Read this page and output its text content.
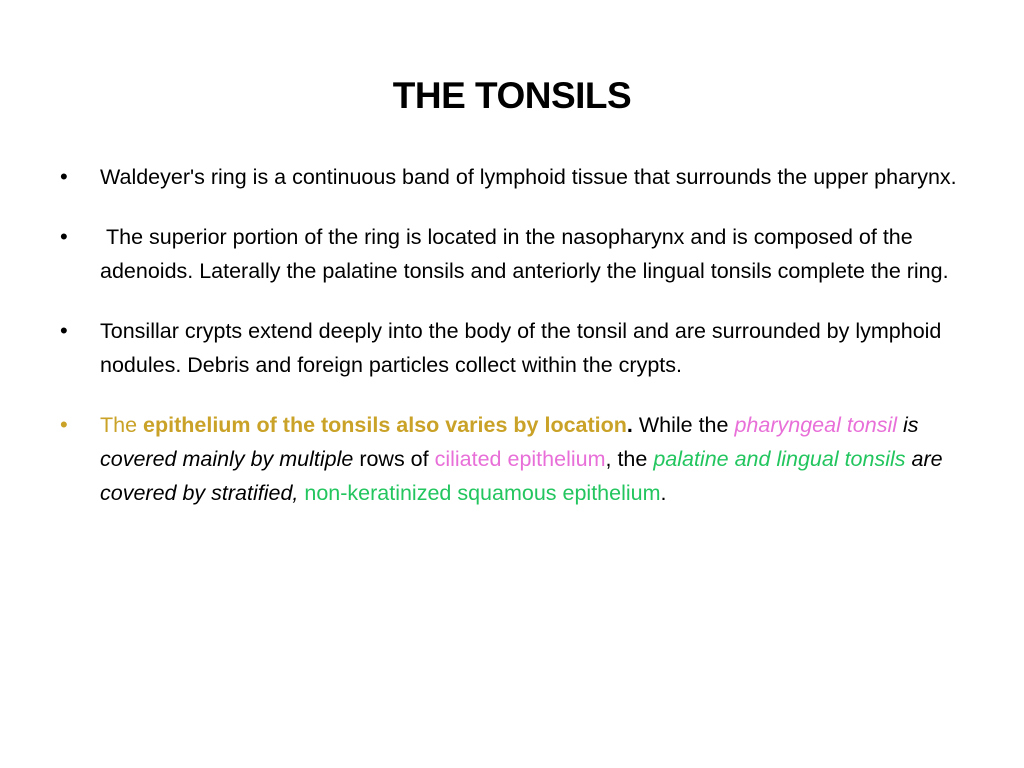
THE TONSILS
• Waldeyer's ring is a continuous band of lymphoid tissue that surrounds the upper pharynx.
• The superior portion of the ring is located in the nasopharynx and is composed of the adenoids. Laterally the palatine tonsils and anteriorly the lingual tonsils complete the ring.
• Tonsillar crypts extend deeply into the body of the tonsil and are surrounded by lymphoid nodules. Debris and foreign particles collect within the crypts.
• The epithelium of the tonsils also varies by location. While the pharyngeal tonsil is covered mainly by multiple rows of ciliated epithelium, the palatine and lingual tonsils are covered by stratified, non-keratinized squamous epithelium.
